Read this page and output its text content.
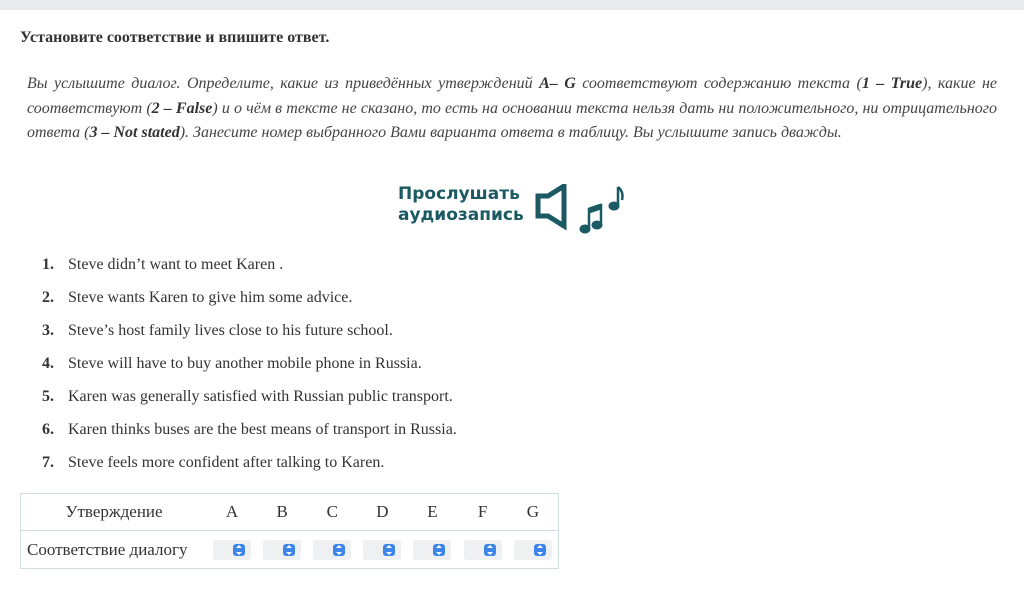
Установите соответствие и впишите ответ.
Вы услышите диалог. Определите, какие из приведённых утверждений A– G соответствуют содержанию текста (1 – True), какие не соответствуют (2 – False) и о чём в тексте не сказано, то есть на основании текста нельзя дать ни положительного, ни отрицательного ответа (3 – Not stated). Занесите номер выбранного Вами варианта ответа в таблицу. Вы услышите запись дважды.
Прослушать
аудиозапись
1. Steve didn’t want to meet Karen .
2. Steve wants Karen to give him some advice.
3. Steve’s host family lives close to his future school.
4. Steve will have to buy another mobile phone in Russia.
5. Karen was generally satisfied with Russian public transport.
6. Karen thinks buses are the best means of transport in Russia.
7. Steve feels more confident after talking to Karen.
Утверждение	A	B	C	D	E	F	G
Соответствие диалогу	
